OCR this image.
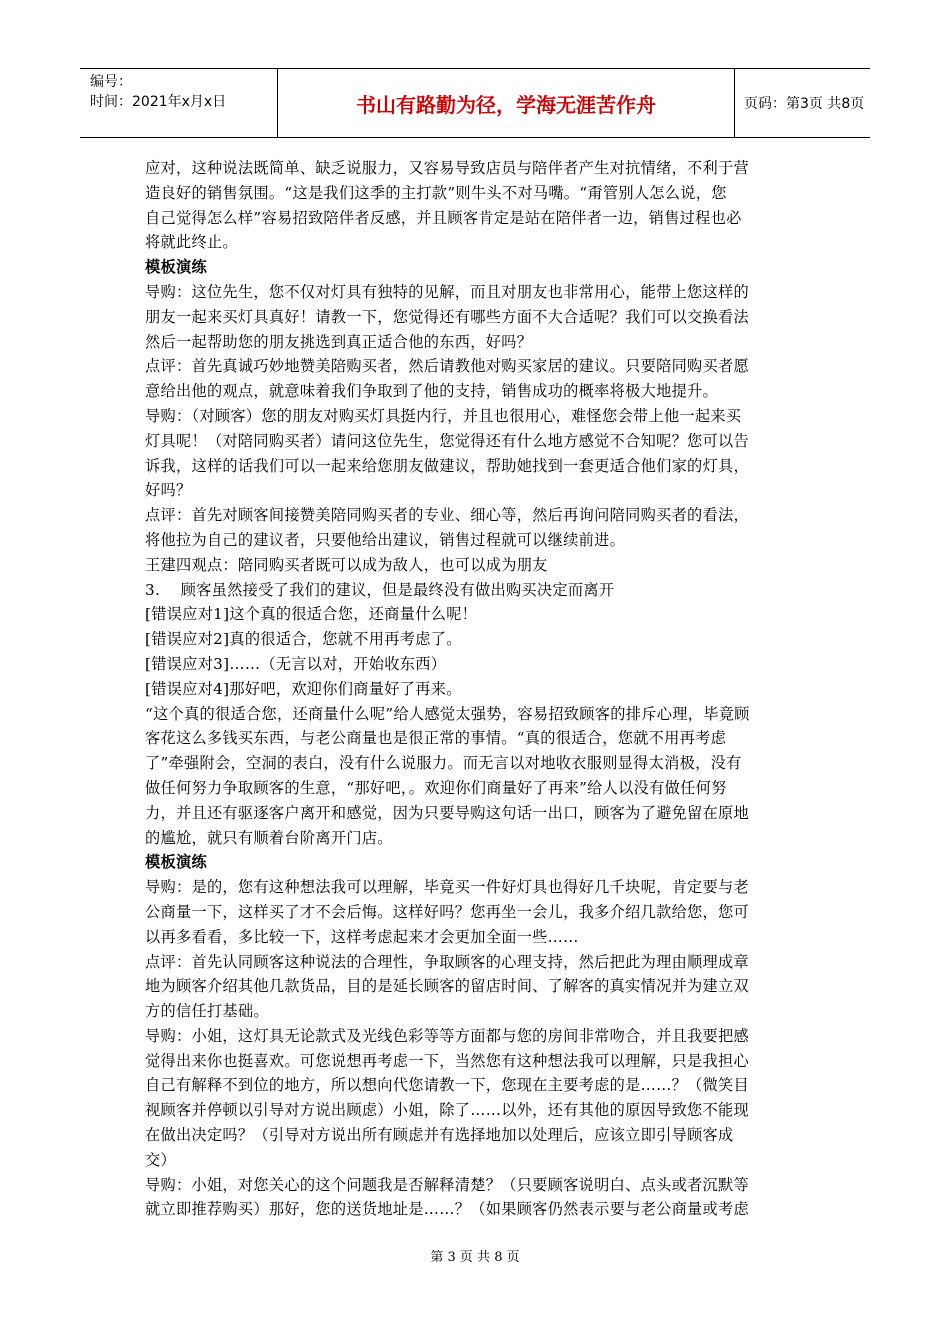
编号：
时间：2021年x月x日	书山有路勤为径，学海无涯苦作舟	页码：第3页 共8页
应对，这种说法既简单、缺乏说服力，又容易导致店员与陪伴者产生对抗情绪，不利于营
造良好的销售氛围。“这是我们这季的主打款”则牛头不对马嘴。“甭管别人怎么说，您
自己觉得怎么样”容易招致陪伴者反感，并且顾客肯定是站在陪伴者一边，销售过程也必
将就此终止。
模板演练
导购：这位先生，您不仅对灯具有独特的见解，而且对朋友也非常用心，能带上您这样的
朋友一起来买灯具真好！请教一下，您觉得还有哪些方面不大合适呢？我们可以交换看法
然后一起帮助您的朋友挑选到真正适合他的东西，好吗？
点评：首先真诚巧妙地赞美陪购买者，然后请教他对购买家居的建议。只要陪同购买者愿
意给出他的观点，就意味着我们争取到了他的支持，销售成功的概率将极大地提升。
导购：（对顾客）您的朋友对购买灯具挺内行，并且也很用心，难怪您会带上他一起来买
灯具呢！（对陪同购买者）请问这位先生，您觉得还有什么地方感觉不合知呢？您可以告
诉我，这样的话我们可以一起来给您朋友做建议，帮助她找到一套更适合他们家的灯具，
好吗？
点评：首先对顾客间接赞美陪同购买者的专业、细心等，然后再询问陪同购买者的看法，
将他拉为自己的建议者，只要他给出建议，销售过程就可以继续前进。
王建四观点：陪同购买者既可以成为敌人，也可以成为朋友
3.　 顾客虽然接受了我们的建议，但是最终没有做出购买决定而离开
[错误应对1]这个真的很适合您，还商量什么呢！
[错误应对2]真的很适合，您就不用再考虑了。
[错误应对3]……（无言以对，开始收东西）
[错误应对4]那好吧，欢迎你们商量好了再来。
“这个真的很适合您，还商量什么呢”给人感觉太强势，容易招致顾客的排斥心理，毕竟顾
客花这么多钱买东西，与老公商量也是很正常的事情。“真的很适合，您就不用再考虑
了”牵强附会，空洞的表白，没有什么说服力。而无言以对地收衣服则显得太消极，没有
做任何努力争取顾客的生意，“那好吧，。欢迎你们商量好了再来”给人以没有做任何努
力，并且还有驱逐客户离开和感觉，因为只要导购这句话一出口，顾客为了避免留在原地
的尴尬，就只有顺着台阶离开门店。
模板演练
导购：是的，您有这种想法我可以理解，毕竟买一件好灯具也得好几千块呢，肯定要与老
公商量一下，这样买了才不会后悔。这样好吗？您再坐一会儿，我多介绍几款给您，您可
以再多看看，多比较一下，这样考虑起来才会更加全面一些……
点评：首先认同顾客这种说法的合理性，争取顾客的心理支持，然后把此为理由顺理成章
地为顾客介绍其他几款货品，目的是延长顾客的留店时间、了解客的真实情况并为建立双
方的信任打基础。
导购：小姐，这灯具无论款式及光线色彩等等方面都与您的房间非常吻合，并且我要把感
觉得出来你也挺喜欢。可您说想再考虑一下，当然您有这种想法我可以理解，只是我担心
自己有解释不到位的地方，所以想向代您请教一下，您现在主要考虑的是……？（微笑目
视顾客并停顿以引导对方说出顾虑）小姐，除了……以外，还有其他的原因导致您不能现
在做出决定吗？（引导对方说出所有顾虑并有选择地加以处理后，应该立即引导顾客成
交）
导购：小姐，对您关心的这个问题我是否解释清楚？（只要顾客说明白、点头或者沉默等
就立即推荐购买）那好，您的送货地址是……？（如果顾客仍然表示要与老公商量或考虑
第 3 页 共 8 页
